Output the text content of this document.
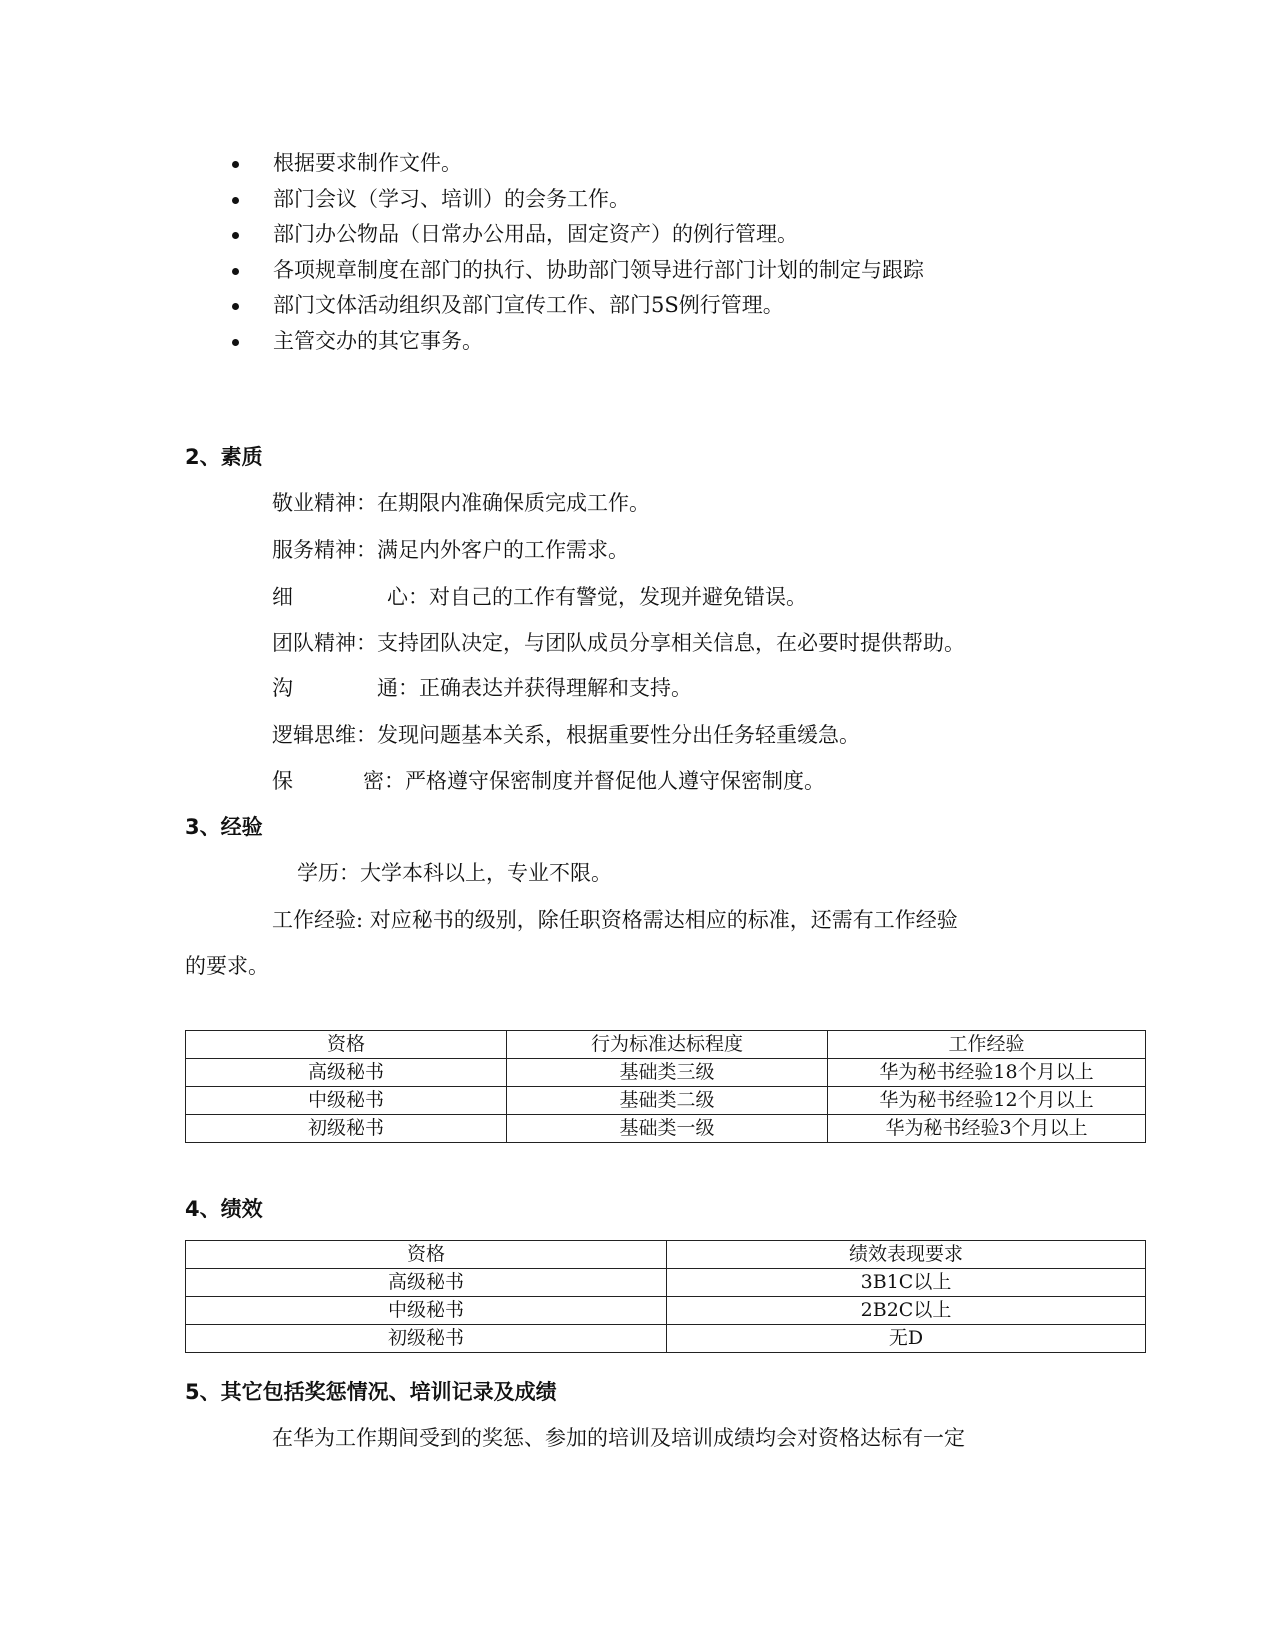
根据要求制作文件。
部门会议（学习、培训）的会务工作。
部门办公物品（日常办公用品，固定资产）的例行管理。
各项规章制度在部门的执行、协助部门领导进行部门计划的制定与跟踪
部门文体活动组织及部门宣传工作、部门5S例行管理。
主管交办的其它事务。
2、素质
敬业精神：在期限内准确保质完成工作。
服务精神：满足内外客户的工作需求。
细	心：对自己的工作有警觉，发现并避免错误。
团队精神：支持团队决定，与团队成员分享相关信息，在必要时提供帮助。
沟	通：正确表达并获得理解和支持。
逻辑思维：发现问题基本关系，根据重要性分出任务轻重缓急。
保	密：严格遵守保密制度并督促他人遵守保密制度。
3、经验
学历：大学本科以上，专业不限。
工作经验: 对应秘书的级别，除任职资格需达相应的标准，还需有工作经验
的要求。
资格	行为标准达标程度	工作经验
高级秘书	基础类三级	华为秘书经验18个月以上
中级秘书	基础类二级	华为秘书经验12个月以上
初级秘书	基础类一级	华为秘书经验3个月以上
4、绩效
资格	绩效表现要求
高级秘书	3B1C以上
中级秘书	2B2C以上
初级秘书	无D
5、其它包括奖惩情况、培训记录及成绩
在华为工作期间受到的奖惩、参加的培训及培训成绩均会对资格达标有一定
